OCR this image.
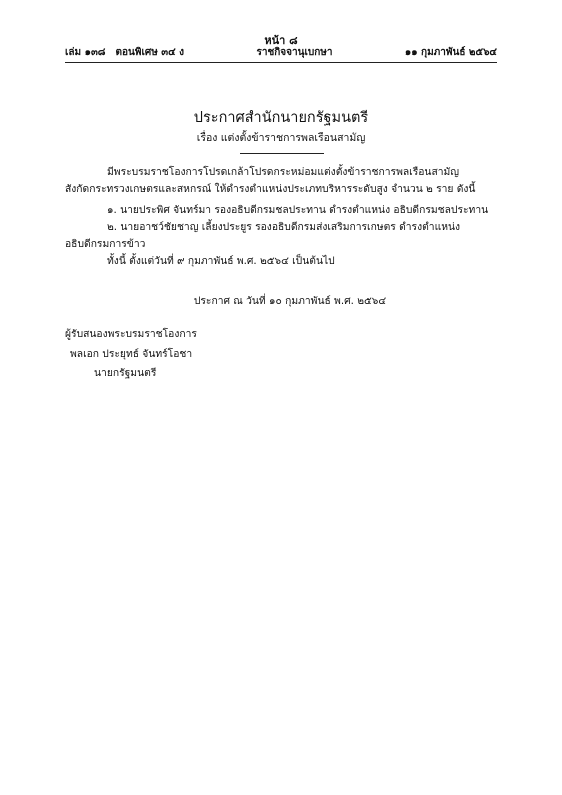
หน้า ๘
เล่ม ๑๓๘ ตอนพิเศษ ๓๔ ง	ราชกิจจานุเบกษา	๑๑ กุมภาพันธ์ ๒๕๖๔
ประกาศสำนักนายกรัฐมนตรี
เรื่อง แต่งตั้งข้าราชการพลเรือนสามัญ
มีพระบรมราชโองการโปรดเกล้าโปรดกระหม่อมแต่งตั้งข้าราชการพลเรือนสามัญ
สังกัดกระทรวงเกษตรและสหกรณ์ ให้ดำรงตำแหน่งประเภทบริหารระดับสูง จำนวน ๒ ราย ดังนี้
๑. นายประพิศ จันทร์มา รองอธิบดีกรมชลประทาน ดำรงตำแหน่ง อธิบดีกรมชลประทาน
๒. นายอาชว์ชัยชาญ เลี้ยงประยูร รองอธิบดีกรมส่งเสริมการเกษตร ดำรงตำแหน่ง
อธิบดีกรมการข้าว
ทั้งนี้ ตั้งแต่วันที่ ๙ กุมภาพันธ์ พ.ศ. ๒๕๖๔ เป็นต้นไป
ประกาศ ณ วันที่ ๑๐ กุมภาพันธ์ พ.ศ. ๒๕๖๔
ผู้รับสนองพระบรมราชโองการ
พลเอก ประยุทธ์ จันทร์โอชา
นายกรัฐมนตรี
